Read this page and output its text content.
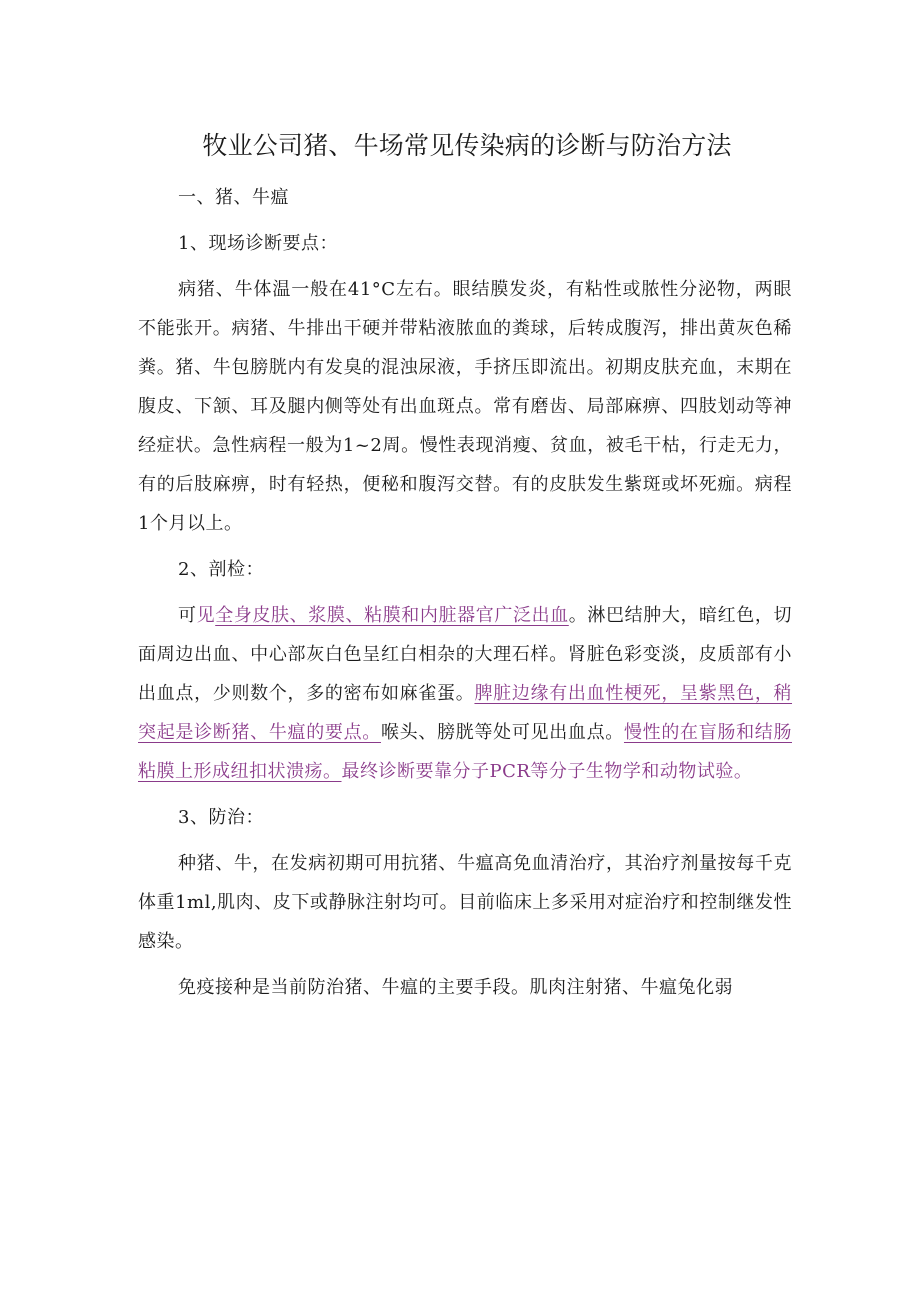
牧业公司猪、牛场常见传染病的诊断与防治方法

一、猪、牛瘟

1、现场诊断要点：

病猪、牛体温一般在41°C左右。眼结膜发炎，有粘性或脓性分泌物，两眼不能张开。病猪、牛排出干硬并带粘液脓血的粪球，后转成腹泻，排出黄灰色稀粪。猪、牛包膀胱内有发臭的混浊尿液，手挤压即流出。初期皮肤充血，末期在腹皮、下颔、耳及腿内侧等处有出血斑点。常有磨齿、局部麻痹、四肢划动等神经症状。急性病程一般为1~2周。慢性表现消瘦、贫血，被毛干枯，行走无力，有的后肢麻痹，时有轻热，便秘和腹泻交替。有的皮肤发生紫斑或坏死痂。病程1个月以上。

2、剖检：

可见全身皮肤、浆膜、粘膜和内脏器官广泛出血。淋巴结肿大，暗红色，切面周边出血、中心部灰白色呈红白相杂的大理石样。肾脏色彩变淡，皮质部有小出血点，少则数个，多的密布如麻雀蛋。脾脏边缘有出血性梗死，呈紫黑色，稍突起是诊断猪、牛瘟的要点。喉头、膀胱等处可见出血点。慢性的在盲肠和结肠粘膜上形成纽扣状溃疡。最终诊断要靠分子PCR等分子生物学和动物试验。

3、防治：

种猪、牛，在发病初期可用抗猪、牛瘟高免血清治疗，其治疗剂量按每千克体重1ml,肌肉、皮下或静脉注射均可。目前临床上多采用对症治疗和控制继发性感染。

免疫接种是当前防治猪、牛瘟的主要手段。肌肉注射猪、牛瘟兔化弱
